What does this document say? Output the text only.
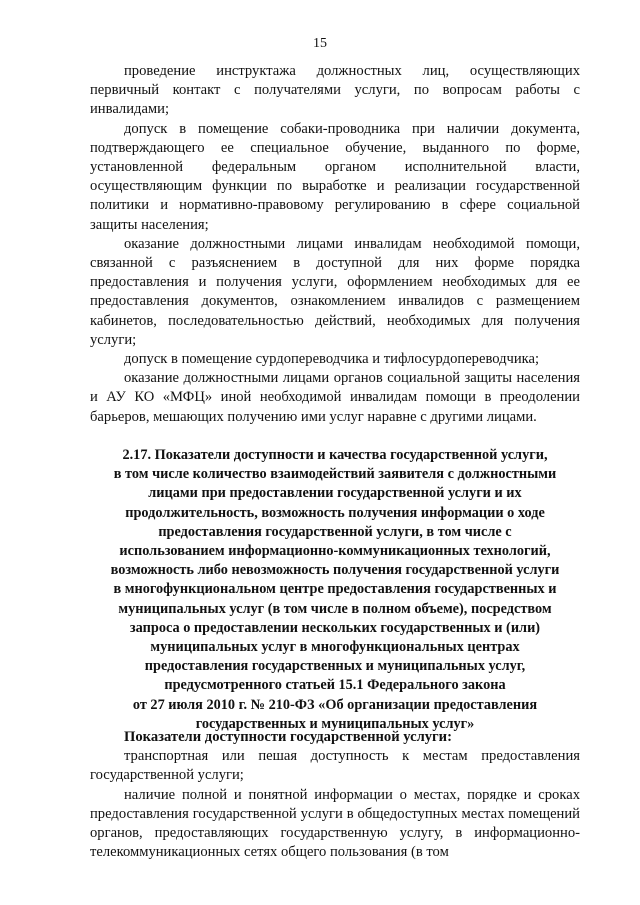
15

проведение инструктажа должностных лиц, осуществляющих первичный контакт с получателями услуги, по вопросам работы с инвалидами;

допуск в помещение собаки-проводника при наличии документа, подтверждающего ее специальное обучение, выданного по форме, установленной федеральным органом исполнительной власти, осуществляющим функции по выработке и реализации государственной политики и нормативно-правовому регулированию в сфере социальной защиты населения;

оказание должностными лицами инвалидам необходимой помощи, связанной с разъяснением в доступной для них форме порядка предоставления и получения услуги, оформлением необходимых для ее предоставления документов, ознакомлением инвалидов с размещением кабинетов, последовательностью действий, необходимых для получения услуги;

допуск в помещение сурдопереводчика и тифлосурдопереводчика;

оказание должностными лицами органов социальной защиты населения и АУ КО «МФЦ» иной необходимой инвалидам помощи в преодолении барьеров, мешающих получению ими услуг наравне с другими лицами.

2.17. Показатели доступности и качества государственной услуги,
в том числе количество взаимодействий заявителя с должностными
лицами при предоставлении государственной услуги и их
продолжительность, возможность получения информации о ходе
предоставления государственной услуги, в том числе с
использованием информационно-коммуникационных технологий,
возможность либо невозможность получения государственной услуги
в многофункциональном центре предоставления государственных и
муниципальных услуг (в том числе в полном объеме), посредством
запроса о предоставлении нескольких государственных и (или)
муниципальных услуг в многофункциональных центрах
предоставления государственных и муниципальных услуг,
предусмотренного статьей 15.1 Федерального закона
от 27 июля 2010 г. № 210-ФЗ «Об организации предоставления
государственных и муниципальных услуг»

Показатели доступности государственной услуги:

транспортная или пешая доступность к местам предоставления государственной услуги;

наличие полной и понятной информации о местах, порядке и сроках предоставления государственной услуги в общедоступных местах помещений органов, предоставляющих государственную услугу, в информационно-телекоммуникационных сетях общего пользования (в том
